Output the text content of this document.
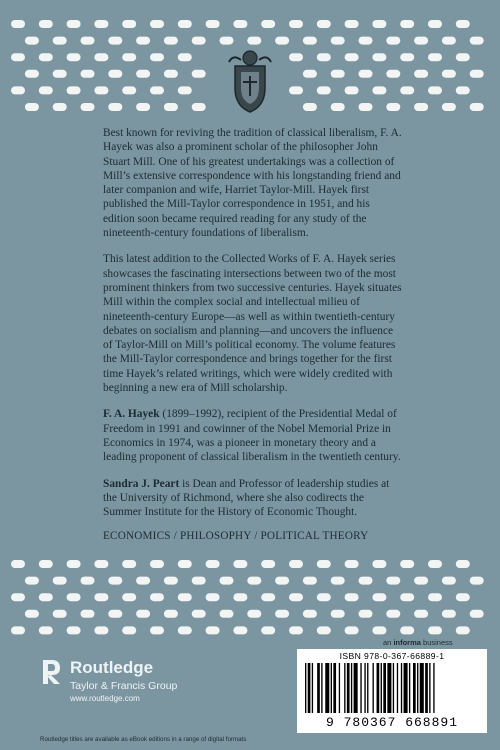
Best known for reviving the tradition of classical liberalism, F. A. Hayek was also a prominent scholar of the philosopher John Stuart Mill. One of his greatest undertakings was a collection of Mill’s extensive correspondence with his longstanding friend and later companion and wife, Harriet Taylor-Mill. Hayek first published the Mill-Taylor correspondence in 1951, and his edition soon became required reading for any study of the nineteenth-century foundations of liberalism.

This latest addition to the Collected Works of F. A. Hayek series showcases the fascinating intersections between two of the most prominent thinkers from two successive centuries. Hayek situates Mill within the complex social and intellectual milieu of nineteenth-century Europe—as well as within twentieth-century debates on socialism and planning—and uncovers the influence of Taylor-Mill on Mill’s political economy. The volume features the Mill-Taylor correspondence and brings together for the first time Hayek’s related writings, which were widely credited with beginning a new era of Mill scholarship.

F. A. Hayek (1899–1992), recipient of the Presidential Medal of Freedom in 1991 and cowinner of the Nobel Memorial Prize in Economics in 1974, was a pioneer in monetary theory and a leading proponent of classical liberalism in the twentieth century.

Sandra J. Peart is Dean and Professor of leadership studies at the University of Richmond, where she also codirects the Summer Institute for the History of Economic Thought.

ECONOMICS / PHILOSOPHY / POLITICAL THEORY
an informa business
ISBN 978-0-367-66889-1
9 780367 668891
Routledge
Taylor & Francis Group
www.routledge.com
Routledge titles are available as eBook editions in a range of digital formats
